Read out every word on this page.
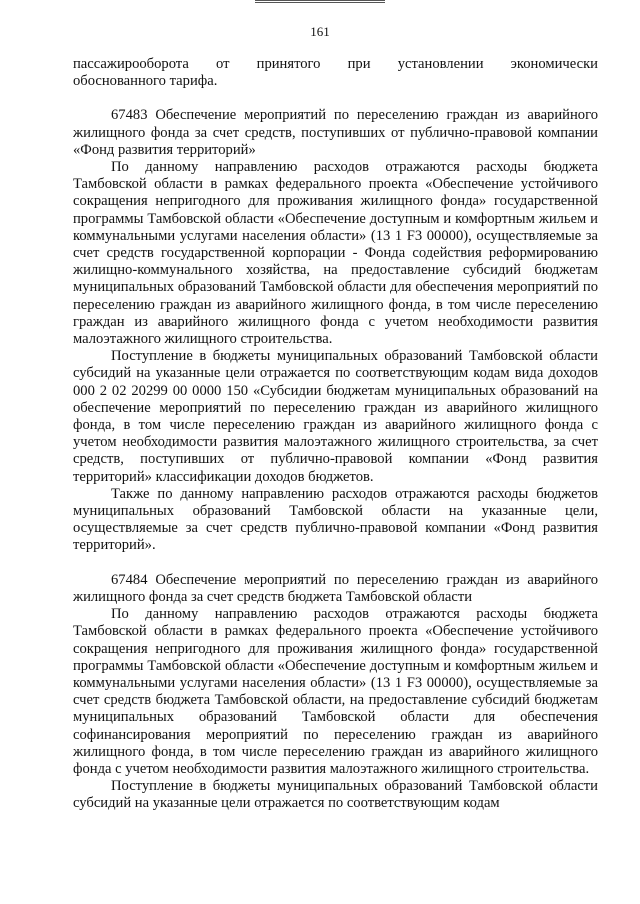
161

пассажирооборота от принятого при установлении экономически

обоснованного тарифа.

67483 Обеспечение мероприятий по переселению граждан из аварийного жилищного фонда за счет средств, поступивших от публично-правовой компании «Фонд развития территорий»

По данному направлению расходов отражаются расходы бюджета Тамбовской области в рамках федерального проекта «Обеспечение устойчивого сокращения непригодного для проживания жилищного фонда» государственной программы Тамбовской области «Обеспечение доступным и комфортным жильем и коммунальными услугами населения области» (13 1 F3 00000), осуществляемые за счет средств государственной корпорации - Фонда содействия реформированию жилищно-коммунального хозяйства, на предоставление субсидий бюджетам муниципальных образований Тамбовской области для обеспечения мероприятий по переселению граждан из аварийного жилищного фонда, в том числе переселению граждан из аварийного жилищного фонда с учетом необходимости развития малоэтажного жилищного строительства.

Поступление в бюджеты муниципальных образований Тамбовской области субсидий на указанные цели отражается по соответствующим кодам вида доходов 000 2 02 20299 00 0000 150 «Субсидии бюджетам муниципальных образований на обеспечение мероприятий по переселению граждан из аварийного жилищного фонда, в том числе переселению граждан из аварийного жилищного фонда с учетом необходимости развития малоэтажного жилищного строительства, за счет средств, поступивших от публично-правовой компании «Фонд развития территорий» классификации доходов бюджетов.

Также по данному направлению расходов отражаются расходы бюджетов муниципальных образований Тамбовской области на указанные цели, осуществляемые за счет средств публично-правовой компании «Фонд развития территорий».

67484 Обеспечение мероприятий по переселению граждан из аварийного жилищного фонда за счет средств бюджета Тамбовской области

По данному направлению расходов отражаются расходы бюджета Тамбовской области в рамках федерального проекта «Обеспечение устойчивого сокращения непригодного для проживания жилищного фонда» государственной программы Тамбовской области «Обеспечение доступным и комфортным жильем и коммунальными услугами населения области» (13 1 F3 00000), осуществляемые за счет средств бюджета Тамбовской области, на предоставление субсидий бюджетам муниципальных образований Тамбовской области для обеспечения софинансирования мероприятий по переселению граждан из аварийного жилищного фонда, в том числе переселению граждан из аварийного жилищного фонда с учетом необходимости развития малоэтажного жилищного строительства.

Поступление в бюджеты муниципальных образований Тамбовской области субсидий на указанные цели отражается по соответствующим кодам
